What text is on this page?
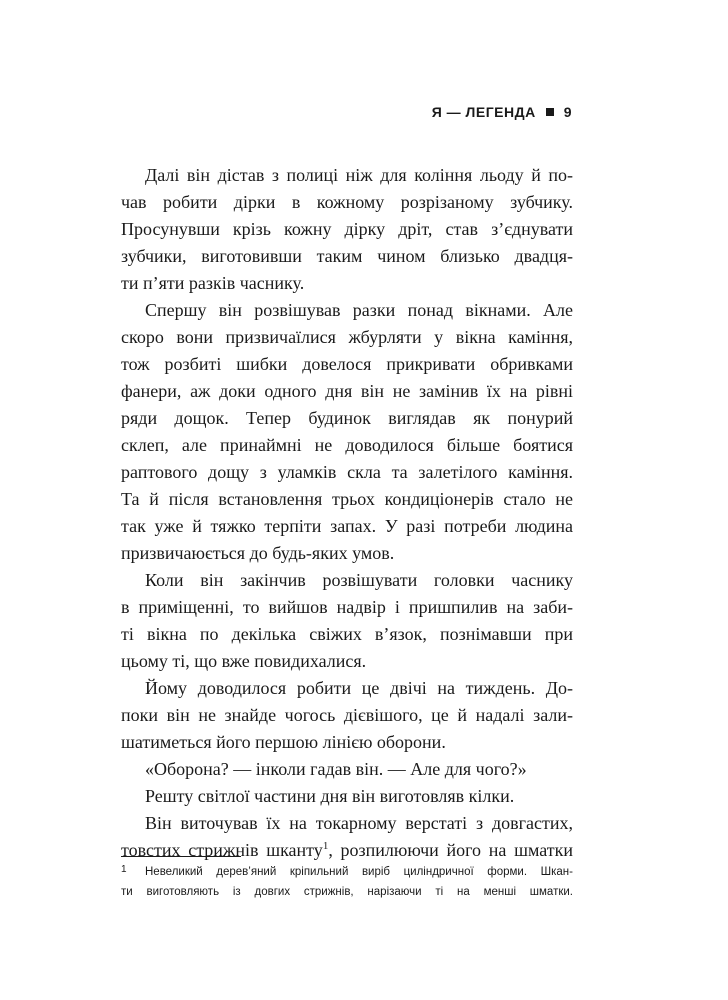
Я — ЛЕГЕНДА 9

Далі він дістав з полиці ніж для коління льоду й по-
чав робити дірки в кожному розрізаному зубчику.
Просунувши крізь кожну дірку дріт, став з’єднувати
зубчики, виготовивши таким чином близько двадця-
ти п’яти разків часнику.

Спершу він розвішував разки понад вікнами. Але
скоро вони призвичаїлися жбурляти у вікна каміння,
тож розбиті шибки довелося прикривати обривками
фанери, аж доки одного дня він не замінив їх на рівні
ряди дощок. Тепер будинок виглядав як понурий
склеп, але принаймні не доводилося більше боятися
раптового дощу з уламків скла та залетілого каміння.
Та й після встановлення трьох кондиціонерів стало не
так уже й тяжко терпіти запах. У разі потреби людина
призвичаюється до будь-яких умов.

Коли він закінчив розвішувати головки часнику
в приміщенні, то вийшов надвір і пришпилив на заби-
ті вікна по декілька свіжих в’язок, познімавши при
цьому ті, що вже повидихалися.

Йому доводилося робити це двічі на тиждень. До-
поки він не знайде чогось дієвішого, це й надалі зали-
шатиметься його першою лінією оборони.

«Оборона? — інколи гадав він. — Але для чого?»

Решту світлої частини дня він виготовляв кілки.

Він виточував їх на токарному верстаті з довгастих,
товстих стрижнів шканту$^1$, розпилюючи його на шматки

1	Невеликий дерев’яний кріпильний виріб циліндричної форми. Шкан-
ти виготовляють із довгих стрижнів, нарізаючи ті на менші шматки.
